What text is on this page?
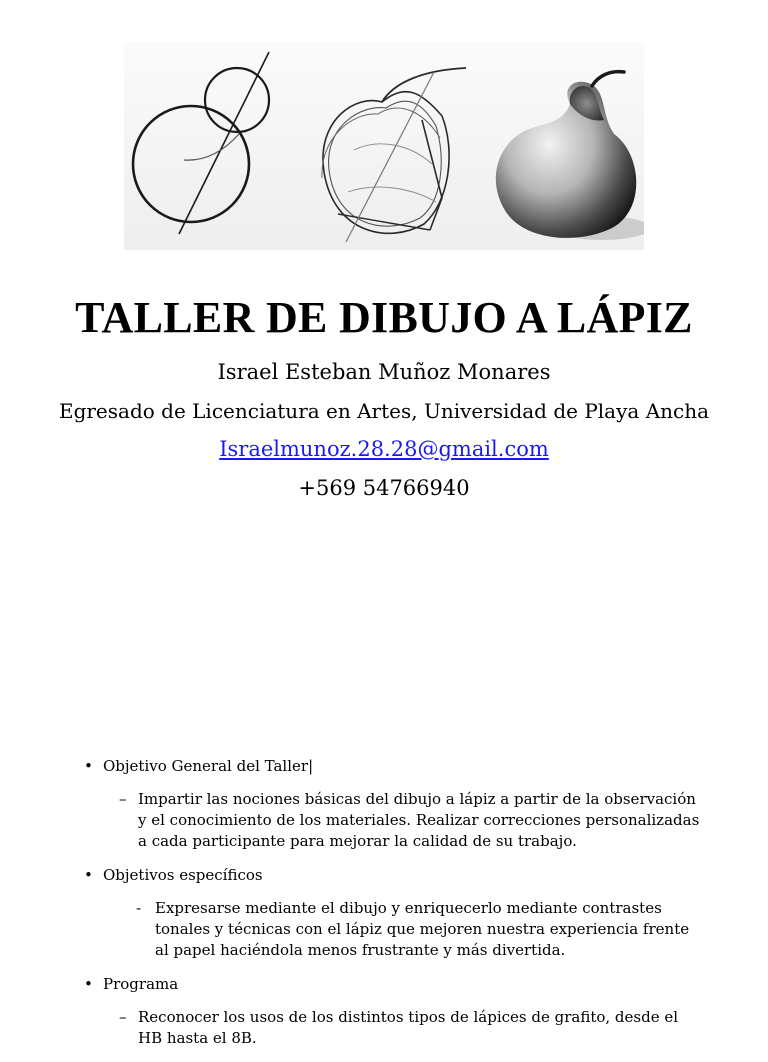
TALLER DE DIBUJO A LÁPIZ

Israel Esteban Muñoz Monares

Egresado de Licenciatura en Artes, Universidad de Playa Ancha

Israelmunoz.28.28@gmail.com

+569 54766940

• Objetivo General del Taller|
– Impartir las nociones básicas del dibujo a lápiz a partir de la observación y el conocimiento de los materiales. Realizar correcciones personalizadas a cada participante para mejorar la calidad de su trabajo.
• Objetivos específicos
- Expresarse mediante el dibujo y enriquecerlo mediante contrastes tonales y técnicas con el lápiz que mejoren nuestra experiencia frente al papel haciéndola menos frustrante y más divertida.
• Programa
– Reconocer los usos de los distintos tipos de lápices de grafito, desde el HB hasta el 8B.
